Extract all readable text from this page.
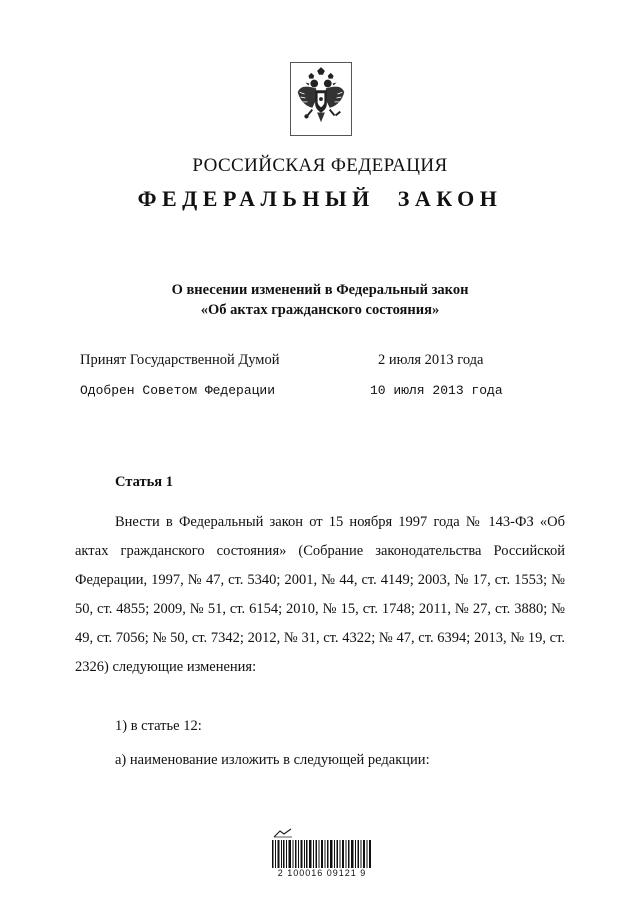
РОССИЙСКАЯ ФЕДЕРАЦИЯ
ФЕДЕРАЛЬНЫЙ ЗАКОН
О внесении изменений в Федеральный закон
«Об актах гражданского состояния»
Принят Государственной Думой	2 июля 2013 года
Одобрен Советом Федерации	10 июля 2013 года
Статья 1

Внести в Федеральный закон от 15 ноября 1997 года № 143-ФЗ «Об актах гражданского состояния» (Собрание законодательства Российской Федерации, 1997, № 47, ст. 5340; 2001, № 44, ст. 4149; 2003, № 17, ст. 1553; № 50, ст. 4855; 2009, № 51, ст. 6154; 2010, № 15, ст. 1748; 2011, № 27, ст. 3880; № 49, ст. 7056; № 50, ст. 7342; 2012, № 31, ст. 4322; № 47, ст. 6394; 2013, № 19, ст. 2326) следующие изменения:

1) в статье 12:
а) наименование изложить в следующей редакции:
2 100016 09121 9
